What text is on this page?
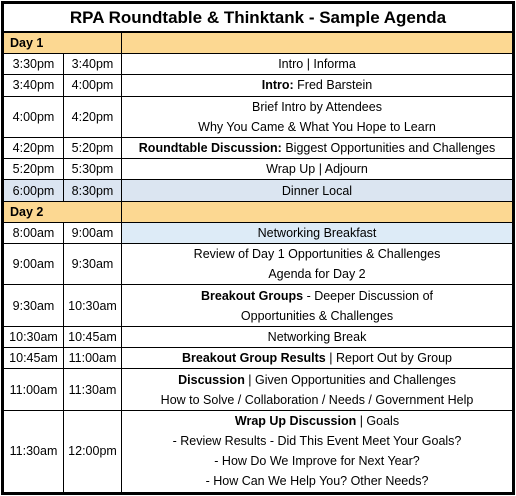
RPA Roundtable & Thinktank - Sample Agenda		
Day 1		
3:30pm	3:40pm	Intro | Informa

3:40pm	4:00pm	Intro: Fred Barstein

4:00pm	4:20pm	Brief Intro by Attendees
Why You Came & What You Hope to Learn

4:20pm	5:20pm	Roundtable Discussion: Biggest Opportunities and Challenges

5:20pm	5:30pm	Wrap Up | Adjourn

6:00pm	8:30pm	Dinner Local

Day 2		
8:00am	9:00am	Networking Breakfast

9:00am	9:30am	Review of Day 1 Opportunities & Challenges
Agenda for Day 2

9:30am	10:30am	Breakout Groups - Deeper Discussion of
Opportunities & Challenges

10:30am	10:45am	Networking Break

10:45am	11:00am	Breakout Group Results | Report Out by Group

11:00am	11:30am	Discussion | Given Opportunities and Challenges
How to Solve / Collaboration / Needs / Government Help

11:30am	12:00pm	Wrap Up Discussion | Goals
- Review Results - Did This Event Meet Your Goals?
- How Do We Improve for Next Year?
- How Can We Help You? Other Needs?
